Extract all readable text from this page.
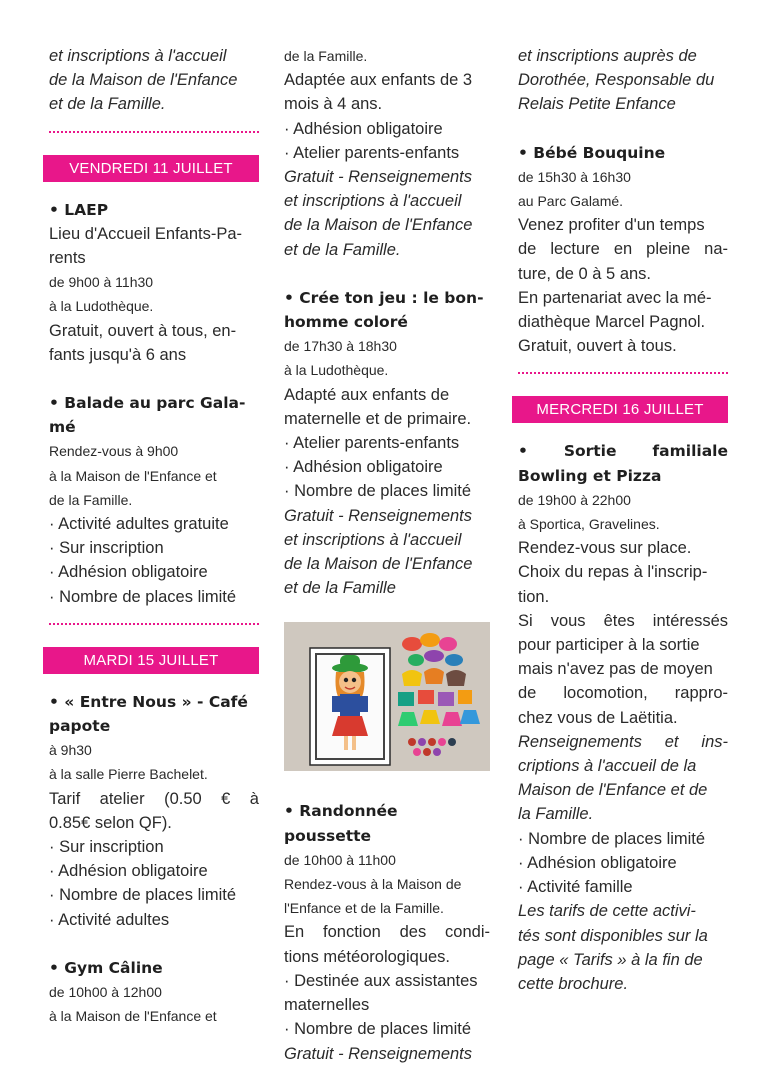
et inscriptions à l'accueil

de la Maison de l'Enfance

et de la Famille.

VENDREDI 11 JUILLET

• LAEP

Lieu d'Accueil Enfants-Pa-

rents

de 9h00 à 11h30

à la Ludothèque.

Gratuit, ouvert à tous, en-

fants jusqu'à 6 ans

• Balade au parc Gala-

mé

Rendez-vous à 9h00

à la Maison de l'Enfance et

de la Famille.

· Activité adultes gratuite

· Sur inscription

· Adhésion obligatoire

· Nombre de places limité

MARDI 15 JUILLET

• « Entre Nous » - Café

papote

à 9h30

à la salle Pierre Bachelet.

Tarif atelier (0.50 € à

0.85€ selon QF).

· Sur inscription

· Adhésion obligatoire

· Nombre de places limité

· Activité adultes

• Gym Câline

de 10h00 à 12h00

à la Maison de l'Enfance et

de la Famille.

Adaptée aux enfants de 3

mois à 4 ans.

· Adhésion obligatoire

· Atelier parents-enfants

Gratuit - Renseignements

et inscriptions à l'accueil

de la Maison de l'Enfance

et de la Famille.

• Crée ton jeu : le bon-

homme coloré

de 17h30 à 18h30

à la Ludothèque.

Adapté aux enfants de

maternelle et de primaire.

· Atelier parents-enfants

· Adhésion obligatoire

· Nombre de places limité

Gratuit - Renseignements

et inscriptions à l'accueil

de la Maison de l'Enfance

et de la Famille

• Randonnée poussette

de 10h00 à 11h00

Rendez-vous à la Maison de

l'Enfance et de la Famille.

En fonction des condi-

tions météorologiques.

· Destinée aux assistantes

maternelles

· Nombre de places limité

Gratuit - Renseignements

et inscriptions auprès de

Dorothée, Responsable du

Relais Petite Enfance

• Bébé Bouquine

de 15h30 à 16h30

au Parc Galamé.

Venez profiter d'un temps

de lecture en pleine na-

ture, de 0 à 5 ans.

En partenariat avec la mé-

diathèque Marcel Pagnol.

Gratuit, ouvert à tous.

MERCREDI 16 JUILLET

• Sortie familiale

Bowling et Pizza

de 19h00 à 22h00

à Sportica, Gravelines.

Rendez-vous sur place.

Choix du repas à l'inscrip-

tion.

Si vous êtes intéressés

pour participer à la sortie

mais n'avez pas de moyen

de locomotion, rappro-

chez vous de Laëtitia.

Renseignements et ins-

criptions à l'accueil de la

Maison de l'Enfance et de

la Famille.

· Nombre de places limité

· Adhésion obligatoire

· Activité famille

Les tarifs de cette activi-

tés sont disponibles sur la

page « Tarifs » à la fin de

cette brochure.
